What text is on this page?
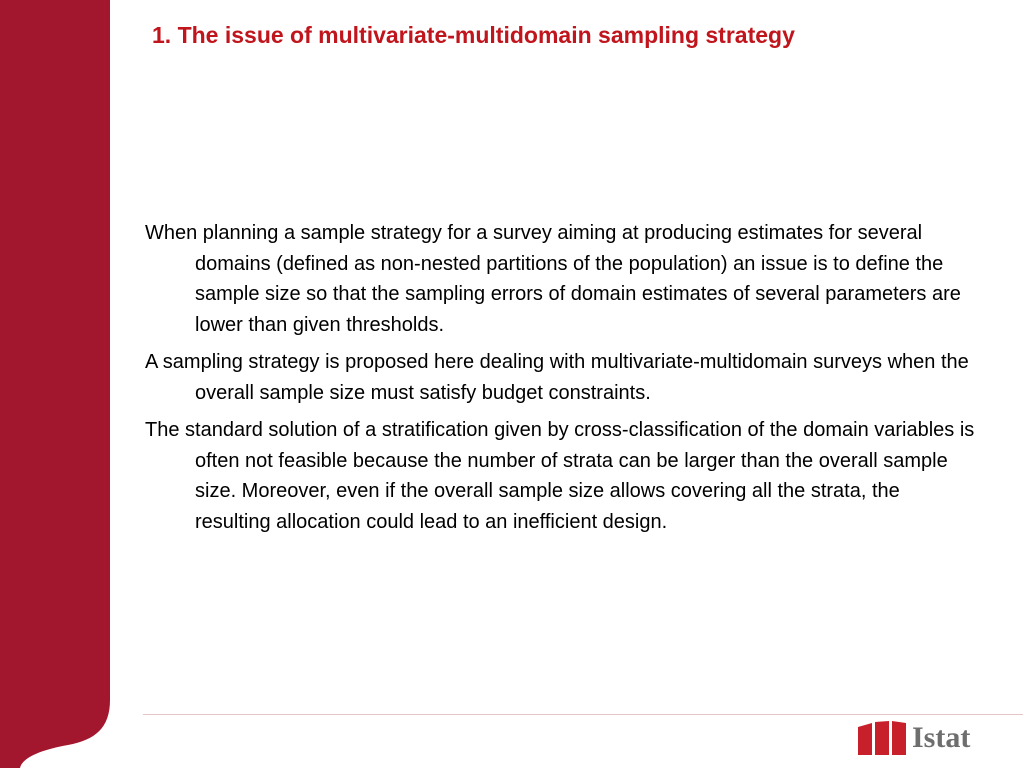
1. The issue of multivariate-multidomain sampling strategy

When planning a sample strategy for a survey aiming at producing estimates for several domains (defined as non-nested partitions of the population) an issue is to define the sample size so that the sampling errors of domain estimates of several parameters are lower than given thresholds.

A sampling strategy is proposed here dealing with multivariate-multidomain surveys when the overall sample size must satisfy budget constraints.

The standard solution of a stratification given by cross-classification of the domain variables is often not feasible because the number of strata can be larger than the overall sample size. Moreover, even if the overall sample size allows covering all the strata, the resulting allocation could lead to an inefficient design.

Istat
